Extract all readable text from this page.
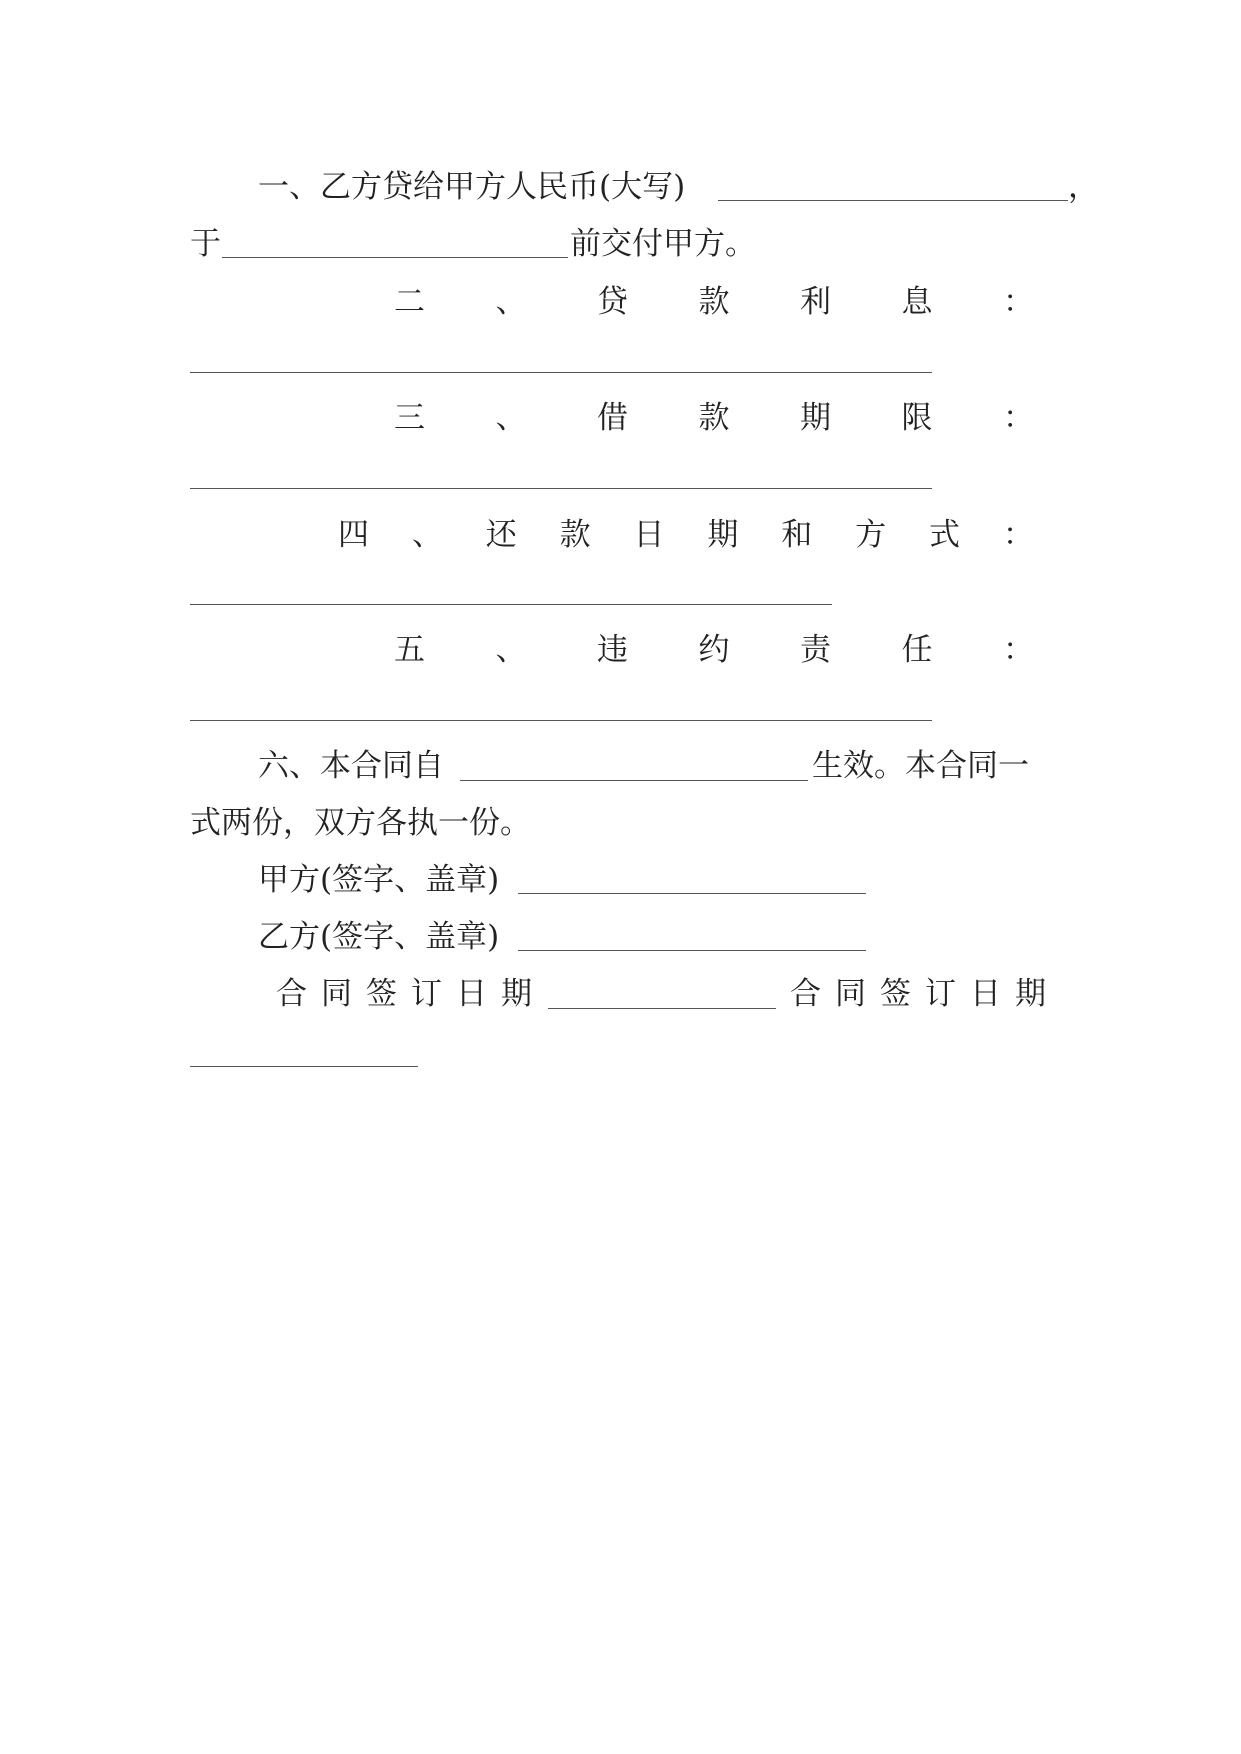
一、乙方贷给甲方人民币(大写)	，
于	前交付甲方。
二 、 贷 款 利 息 ：
三 、 借 款 期 限 ：
四 、 还 款 日 期 和 方 式 ：
五 、 违 约 责 任 ：
六、本合同自	生效。本合同一
式两份，双方各执一份。
甲方(签字、盖章)
乙方(签字、盖章)
合 同 签 订 日 期	合 同 签 订 日 期
